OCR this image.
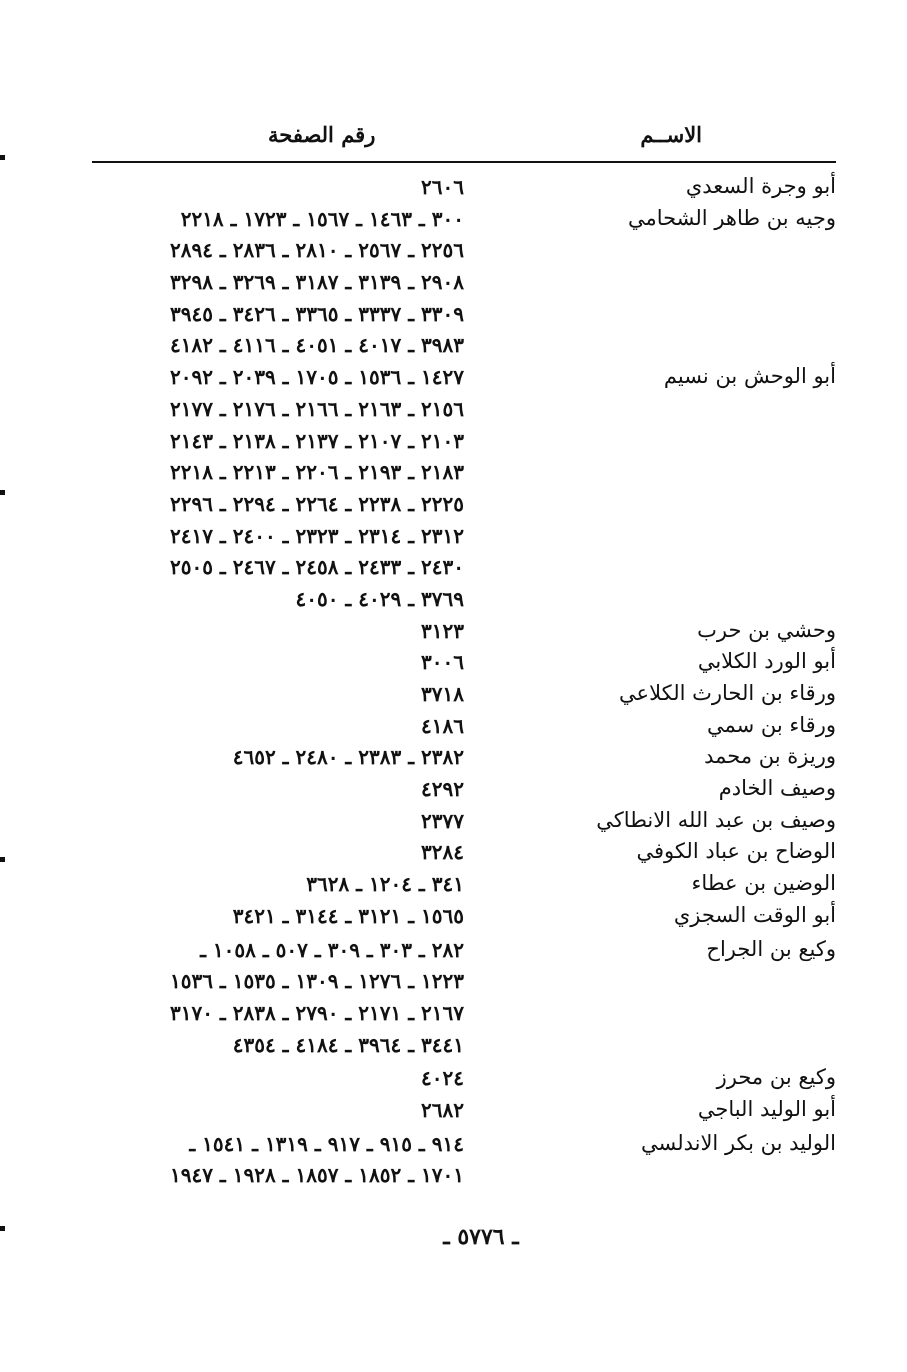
الاســم
رقم الصفحة
أبو وجرة السعدي
٢٦٠٦
وجيه بن طاهر الشحامي
٣٠٠ ـ ١٤٦٣ ـ ١٥٦٧ ـ ١٧٢٣ ـ ٢٢١٨
٢٢٥٦ ـ ٢٥٦٧ ـ ٢٨١٠ ـ ٢٨٣٦ ـ ٢٨٩٤
٢٩٠٨ ـ ٣١٣٩ ـ ٣١٨٧ ـ ٣٢٦٩ ـ ٣٢٩٨
٣٣٠٩ ـ ٣٣٣٧ ـ ٣٣٦٥ ـ ٣٤٢٦ ـ ٣٩٤٥
٣٩٨٣ ـ ٤٠١٧ ـ ٤٠٥١ ـ ٤١١٦ ـ ٤١٨٢
أبو الوحش بن نسيم
١٤٢٧ ـ ١٥٣٦ ـ ١٧٠٥ ـ ٢٠٣٩ ـ ٢٠٩٢
٢١٥٦ ـ ٢١٦٣ ـ ٢١٦٦ ـ ٢١٧٦ ـ ٢١٧٧
٢١٠٣ ـ ٢١٠٧ ـ ٢١٣٧ ـ ٢١٣٨ ـ ٢١٤٣
٢١٨٣ ـ ٢١٩٣ ـ ٢٢٠٦ ـ ٢٢١٣ ـ ٢٢١٨
٢٢٢٥ ـ ٢٢٣٨ ـ ٢٢٦٤ ـ ٢٢٩٤ ـ ٢٢٩٦
٢٣١٢ ـ ٢٣١٤ ـ ٢٣٢٣ ـ ٢٤٠٠ ـ ٢٤١٧
٢٤٣٠ ـ ٢٤٣٣ ـ ٢٤٥٨ ـ ٢٤٦٧ ـ ٢٥٠٥
٣٧٦٩ ـ ٤٠٢٩ ـ ٤٠٥٠
وحشي بن حرب
٣١٢٣
أبو الورد الكلابي
٣٠٠٦
ورقاء بن الحارث الكلاعي
٣٧١٨
ورقاء بن سمي
٤١٨٦
وريزة بن محمد
٢٣٨٢ ـ ٢٣٨٣ ـ ٢٤٨٠ ـ ٤٦٥٢
وصيف الخادم
٤٢٩٢
وصيف بن عبد الله الانطاكي
٢٣٧٧
الوضاح بن عباد الكوفي
٣٢٨٤
الوضين بن عطاء
٣٤١ ـ ١٢٠٤ ـ ٣٦٢٨
أبو الوقت السجزي
١٥٦٥ ـ ٣١٢١ ـ ٣١٤٤ ـ ٣٤٢١
وكيع بن الجراح
٢٨٢ ـ ٣٠٣ ـ ٣٠٩ ـ ٥٠٧ ـ ١٠٥٨ ـ
١٢٢٣ ـ ١٢٧٦ ـ ١٣٠٩ ـ ١٥٣٥ ـ ١٥٣٦
٢١٦٧ ـ ٢١٧١ ـ ٢٧٩٠ ـ ٢٨٣٨ ـ ٣١٧٠
٣٤٤١ ـ ٣٩٦٤ ـ ٤١٨٤ ـ ٤٣٥٤
وكيع بن محرز
٤٠٢٤
أبو الوليد الباجي
٢٦٨٢
الوليد بن بكر الاندلسي
٩١٤ ـ ٩١٥ ـ ٩١٧ ـ ١٣١٩ ـ ١٥٤١ ـ
١٧٠١ ـ ١٨٥٢ ـ ١٨٥٧ ـ ١٩٢٨ ـ ١٩٤٧
ـ ٥٧٧٦ ـ
